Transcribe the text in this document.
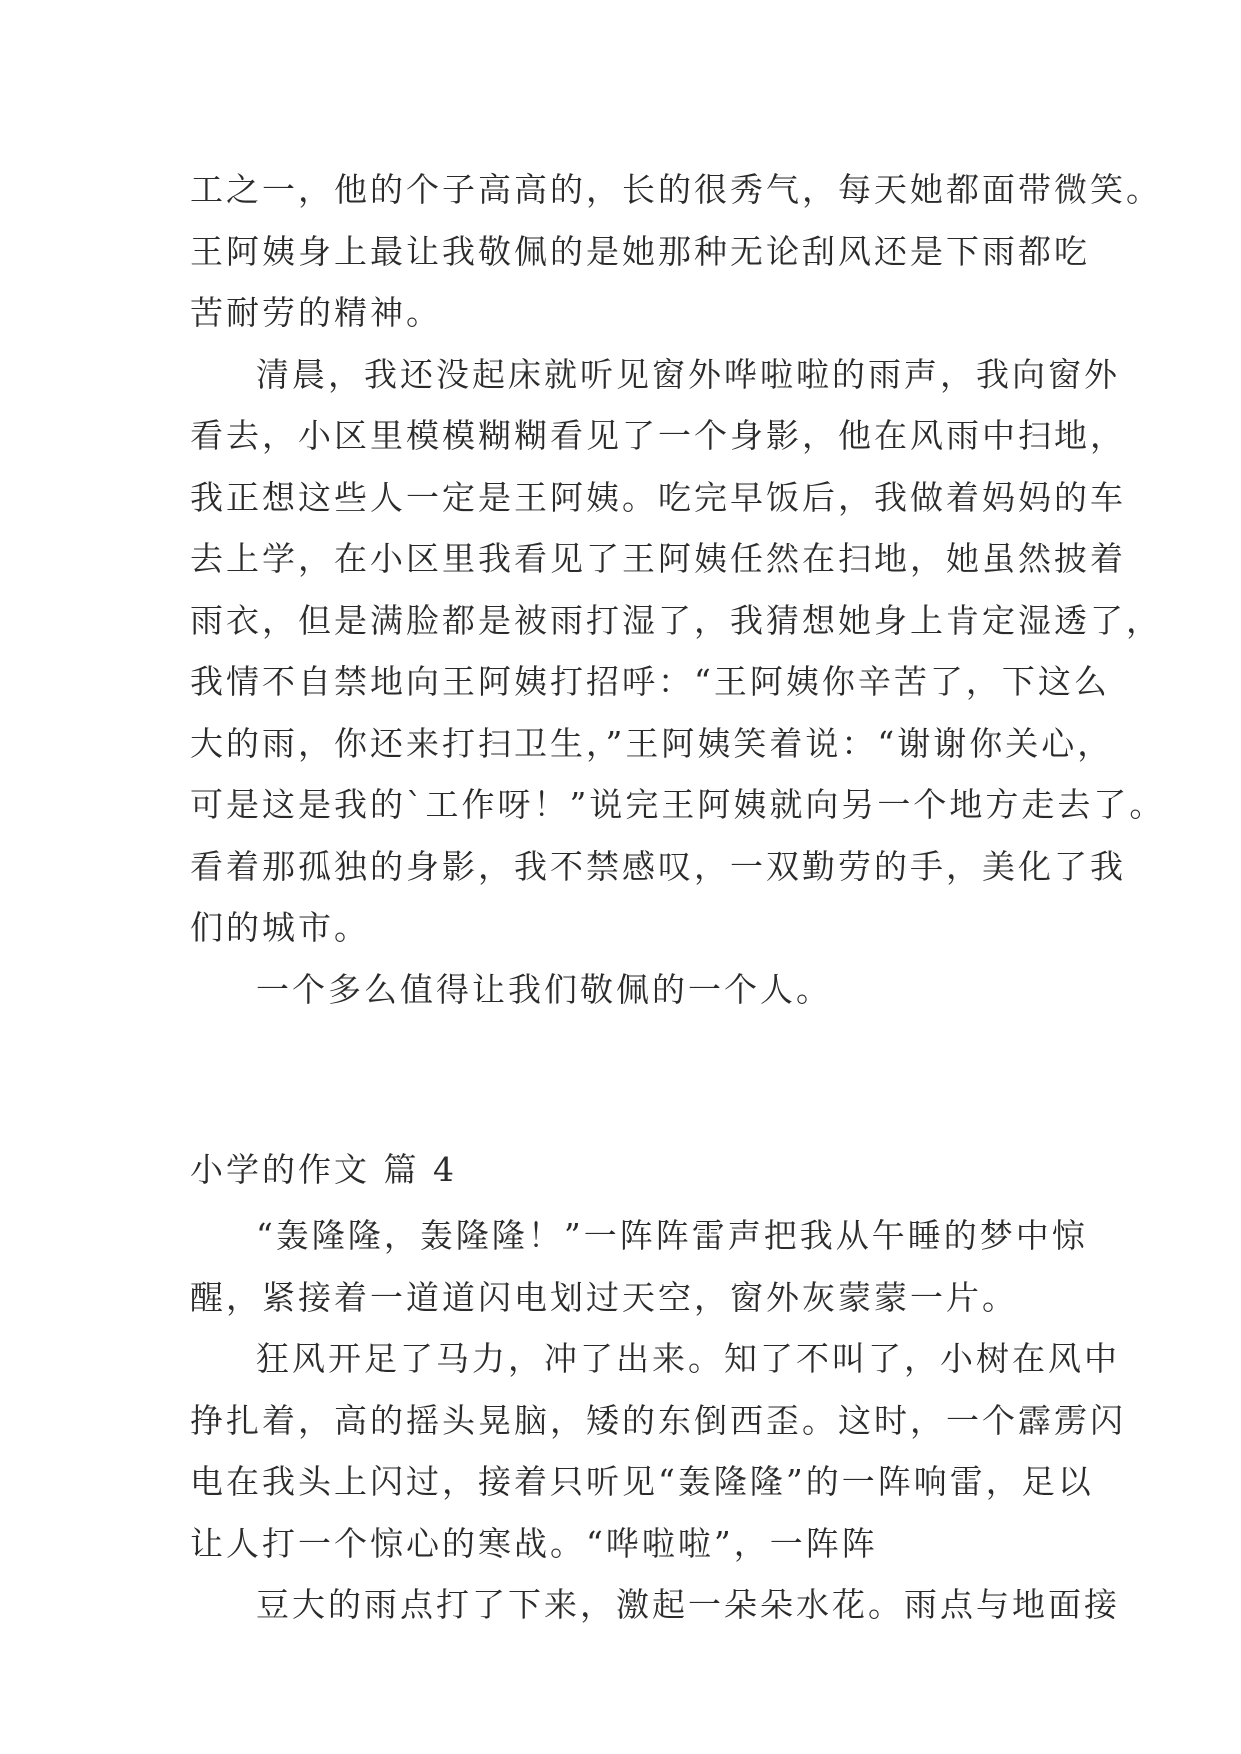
工之一，他的个子高高的，长的很秀气，每天她都面带微笑。
王阿姨身上最让我敬佩的是她那种无论刮风还是下雨都吃
苦耐劳的精神。
清晨，我还没起床就听见窗外哗啦啦的雨声，我向窗外
看去，小区里模模糊糊看见了一个身影，他在风雨中扫地，
我正想这些人一定是王阿姨。吃完早饭后，我做着妈妈的车
去上学，在小区里我看见了王阿姨任然在扫地，她虽然披着
雨衣，但是满脸都是被雨打湿了，我猜想她身上肯定湿透了，
我情不自禁地向王阿姨打招呼：“王阿姨你辛苦了，下这么
大的雨，你还来打扫卫生，”王阿姨笑着说：“谢谢你关心，
可是这是我的`工作呀！”说完王阿姨就向另一个地方走去了。
看着那孤独的身影，我不禁感叹，一双勤劳的手，美化了我
们的城市。
一个多么值得让我们敬佩的一个人。
小学的作文 篇 4
“轰隆隆，轰隆隆！”一阵阵雷声把我从午睡的梦中惊
醒，紧接着一道道闪电划过天空，窗外灰蒙蒙一片。
狂风开足了马力，冲了出来。知了不叫了，小树在风中
挣扎着，高的摇头晃脑，矮的东倒西歪。这时，一个霹雳闪
电在我头上闪过，接着只听见“轰隆隆”的一阵响雷，足以
让人打一个惊心的寒战。“哗啦啦”，一阵阵
豆大的雨点打了下来，激起一朵朵水花。雨点与地面接
